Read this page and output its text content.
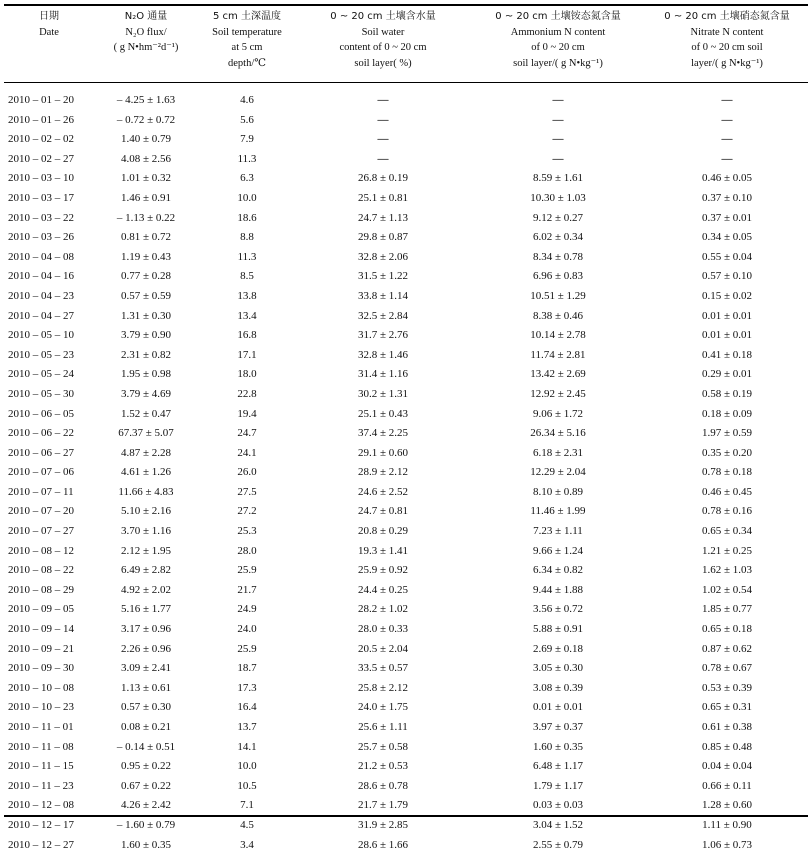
日期
Date	N₂O 通量
N₂O flux/
( g N•hm⁻²d⁻¹)	5 cm 土深温度
Soil temperature
at 5 cm
depth/℃	0 ~ 20 cm 土壤含水量
Soil water
content of 0 ~ 20 cm
soil layer( %)	0 ~ 20 cm 土壤铵态氮含量
Ammonium N content
of 0 ~ 20 cm
soil layer/( g N•kg⁻¹)	0 ~ 20 cm 土壤硝态氮含量
Nitrate N content
of 0 ~ 20 cm soil
layer/( g N•kg⁻¹)

2010 – 01 – 20	– 4.25 ± 1.63	4.6	—	—	—
2010 – 01 – 26	– 0.72 ± 0.72	5.6	—	—	—
2010 – 02 – 02	1.40 ± 0.79	7.9	—	—	—
2010 – 02 – 27	4.08 ± 2.56	11.3	—	—	—
2010 – 03 – 10	1.01 ± 0.32	6.3	26.8 ± 0.19	8.59 ± 1.61	0.46 ± 0.05
2010 – 03 – 17	1.46 ± 0.91	10.0	25.1 ± 0.81	10.30 ± 1.03	0.37 ± 0.10
2010 – 03 – 22	– 1.13 ± 0.22	18.6	24.7 ± 1.13	9.12 ± 0.27	0.37 ± 0.01
2010 – 03 – 26	0.81 ± 0.72	8.8	29.8 ± 0.87	6.02 ± 0.34	0.34 ± 0.05
2010 – 04 – 08	1.19 ± 0.43	11.3	32.8 ± 2.06	8.34 ± 0.78	0.55 ± 0.04
2010 – 04 – 16	0.77 ± 0.28	8.5	31.5 ± 1.22	6.96 ± 0.83	0.57 ± 0.10
2010 – 04 – 23	0.57 ± 0.59	13.8	33.8 ± 1.14	10.51 ± 1.29	0.15 ± 0.02
2010 – 04 – 27	1.31 ± 0.30	13.4	32.5 ± 2.84	8.38 ± 0.46	0.01 ± 0.01
2010 – 05 – 10	3.79 ± 0.90	16.8	31.7 ± 2.76	10.14 ± 2.78	0.01 ± 0.01
2010 – 05 – 23	2.31 ± 0.82	17.1	32.8 ± 1.46	11.74 ± 2.81	0.41 ± 0.18
2010 – 05 – 24	1.95 ± 0.98	18.0	31.4 ± 1.16	13.42 ± 2.69	0.29 ± 0.01
2010 – 05 – 30	3.79 ± 4.69	22.8	30.2 ± 1.31	12.92 ± 2.45	0.58 ± 0.19
2010 – 06 – 05	1.52 ± 0.47	19.4	25.1 ± 0.43	9.06 ± 1.72	0.18 ± 0.09
2010 – 06 – 22	67.37 ± 5.07	24.7	37.4 ± 2.25	26.34 ± 5.16	1.97 ± 0.59
2010 – 06 – 27	4.87 ± 2.28	24.1	29.1 ± 0.60	6.18 ± 2.31	0.35 ± 0.20
2010 – 07 – 06	4.61 ± 1.26	26.0	28.9 ± 2.12	12.29 ± 2.04	0.78 ± 0.18
2010 – 07 – 11	11.66 ± 4.83	27.5	24.6 ± 2.52	8.10 ± 0.89	0.46 ± 0.45
2010 – 07 – 20	5.10 ± 2.16	27.2	24.7 ± 0.81	11.46 ± 1.99	0.78 ± 0.16
2010 – 07 – 27	3.70 ± 1.16	25.3	20.8 ± 0.29	7.23 ± 1.11	0.65 ± 0.34
2010 – 08 – 12	2.12 ± 1.95	28.0	19.3 ± 1.41	9.66 ± 1.24	1.21 ± 0.25
2010 – 08 – 22	6.49 ± 2.82	25.9	25.9 ± 0.92	6.34 ± 0.82	1.62 ± 1.03
2010 – 08 – 29	4.92 ± 2.02	21.7	24.4 ± 0.25	9.44 ± 1.88	1.02 ± 0.54
2010 – 09 – 05	5.16 ± 1.77	24.9	28.2 ± 1.02	3.56 ± 0.72	1.85 ± 0.77
2010 – 09 – 14	3.17 ± 0.96	24.0	28.0 ± 0.33	5.88 ± 0.91	0.65 ± 0.18
2010 – 09 – 21	2.26 ± 0.96	25.9	20.5 ± 2.04	2.69 ± 0.18	0.87 ± 0.62
2010 – 09 – 30	3.09 ± 2.41	18.7	33.5 ± 0.57	3.05 ± 0.30	0.78 ± 0.67
2010 – 10 – 08	1.13 ± 0.61	17.3	25.8 ± 2.12	3.08 ± 0.39	0.53 ± 0.39
2010 – 10 – 23	0.57 ± 0.30	16.4	24.0 ± 1.75	0.01 ± 0.01	0.65 ± 0.31
2010 – 11 – 01	0.08 ± 0.21	13.7	25.6 ± 1.11	3.97 ± 0.37	0.61 ± 0.38
2010 – 11 – 08	– 0.14 ± 0.51	14.1	25.7 ± 0.58	1.60 ± 0.35	0.85 ± 0.48
2010 – 11 – 15	0.95 ± 0.22	10.0	21.2 ± 0.53	6.48 ± 1.17	0.04 ± 0.04
2010 – 11 – 23	0.67 ± 0.22	10.5	28.6 ± 0.78	1.79 ± 1.17	0.66 ± 0.11
2010 – 12 – 08	4.26 ± 2.42	7.1	21.7 ± 1.79	0.03 ± 0.03	1.28 ± 0.60
2010 – 12 – 17	– 1.60 ± 0.79	4.5	31.9 ± 2.85	3.04 ± 1.52	1.11 ± 0.90
2010 – 12 – 27	1.60 ± 0.35	3.4	28.6 ± 1.66	2.55 ± 0.79	1.06 ± 0.73
